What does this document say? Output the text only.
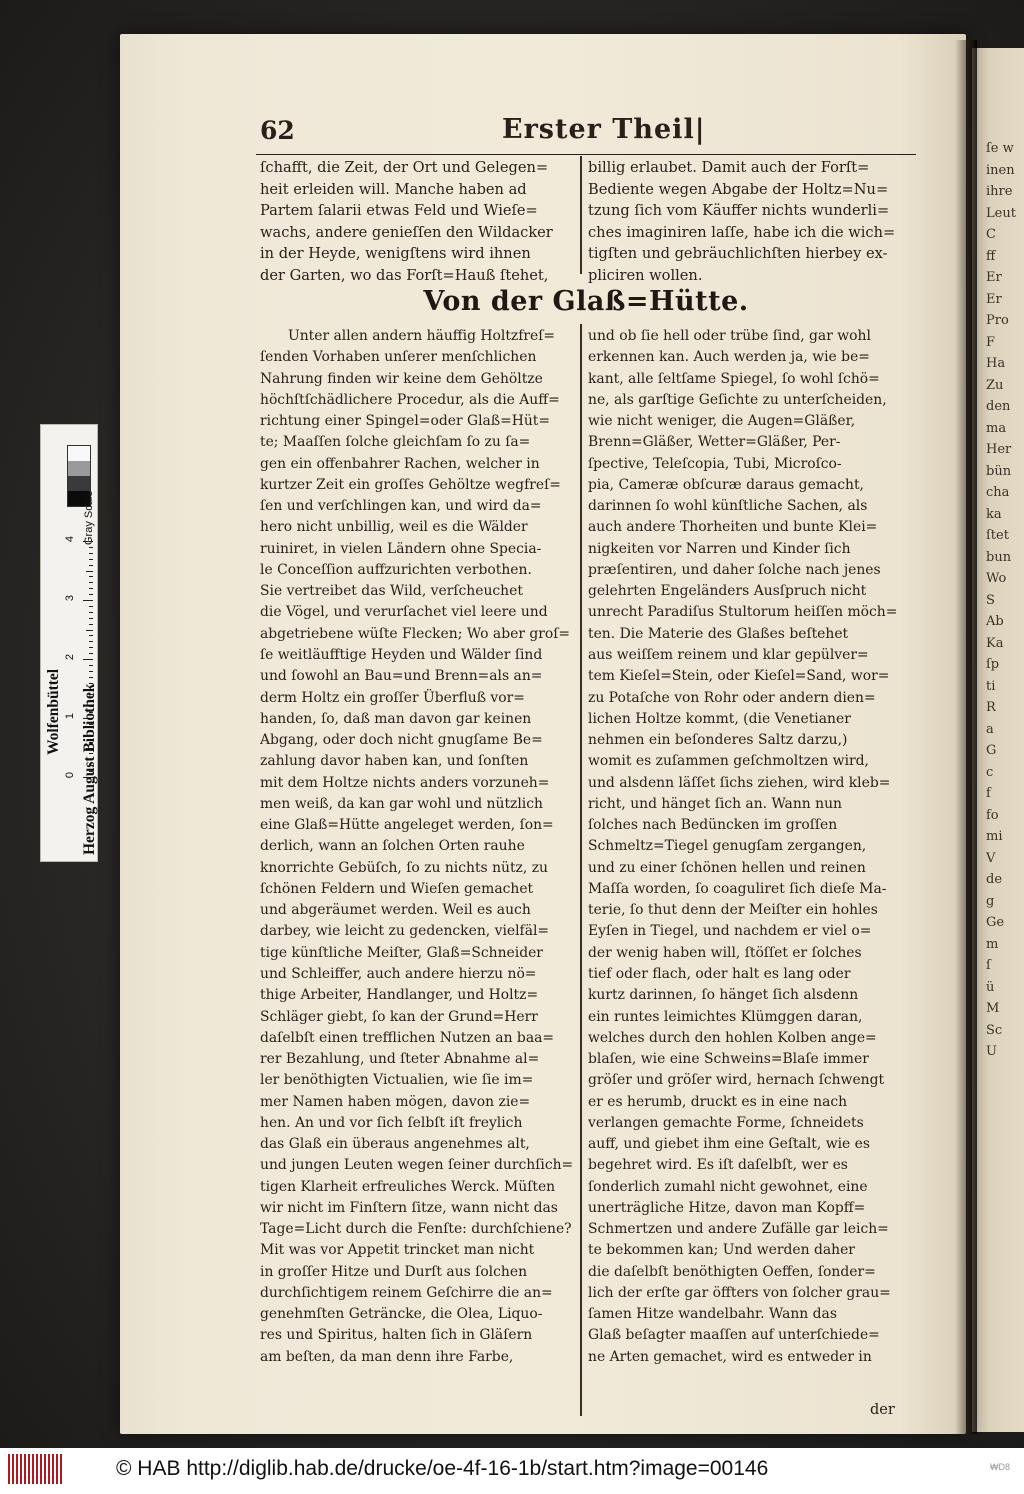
ſe w
inen
ihre
Leut
C
ff
Er
Er
Pro
F
Ha
Zu
den
ma
Her
bün
cha
ka
ſtet
bun
Wo
S
Ab
Ka
ſp
ti
R
a
G
c
f
fo
mi
V
de
g
Ge
m
ſ
ü
M
Sc
U
62	Erster Theil|
ſchafft, die Zeit, der Ort und Gelegen=
heit erleiden will. Manche haben ad
Partem ſalarii etwas Feld und Wieſe=
wachs, andere genieſſen den Wildacker
in der Heyde, wenigſtens wird ihnen
der Garten, wo das Forſt=Hauß ſtehet,
billig erlaubet. Damit auch der Forſt=
Bediente wegen Abgabe der Holtz=Nu=
tzung ſich vom Käuffer nichts wunderli=
ches imaginiren laſſe, habe ich die wich=
tigſten und gebräuchlichſten hierbey ex-
pliciren wollen.
Von der Glaß=Hütte.
Unter allen andern häuffig Holtzfreſ=
ſenden Vorhaben unſerer menſchlichen
Nahrung finden wir keine dem Gehöltze
höchſtſchädlichere Procedur, als die Auff=
richtung einer Spingel=oder Glaß=Hüt=
te; Maaſſen ſolche gleichſam ſo zu ſa=
gen ein offenbahrer Rachen, welcher in
kurtzer Zeit ein groſſes Gehöltze wegfreſ=
ſen und verſchlingen kan, und wird da=
hero nicht unbillig, weil es die Wälder
ruiniret, in vielen Ländern ohne Specia-
le Conceſſion auffzurichten verbothen.
Sie vertreibet das Wild, verſcheuchet
die Vögel, und verurſachet viel leere und
abgetriebene wüſte Flecken; Wo aber groſ=
ſe weitläufftige Heyden und Wälder ſind
und ſowohl an Bau=und Brenn=als an=
derm Holtz ein groſſer Überfluß vor=
handen, ſo, daß man davon gar keinen
Abgang, oder doch nicht gnugſame Be=
zahlung davor haben kan, und ſonſten
mit dem Holtze nichts anders vorzuneh=
men weiß, da kan gar wohl und nützlich
eine Glaß=Hütte angeleget werden, ſon=
derlich, wann an ſolchen Orten rauhe
knorrichte Gebüſch, ſo zu nichts nütz, zu
ſchönen Feldern und Wieſen gemachet
und abgeräumet werden. Weil es auch
darbey, wie leicht zu gedencken, vielfäl=
tige künſtliche Meiſter, Glaß=Schneider
und Schleiffer, auch andere hierzu nö=
thige Arbeiter, Handlanger, und Holtz=
Schläger giebt, ſo kan der Grund=Herr
daſelbſt einen trefflichen Nutzen an baa=
rer Bezahlung, und ſteter Abnahme al=
ler benöthigten Victualien, wie ſie im=
mer Namen haben mögen, davon zie=
hen. An und vor ſich ſelbſt iſt freylich
das Glaß ein überaus angenehmes alt,
und jungen Leuten wegen ſeiner durchſich=
tigen Klarheit erfreuliches Werck. Müſten
wir nicht im Finſtern ſitze, wann nicht das
Tage=Licht durch die Fenſte: durchſchiene?
Mit was vor Appetit trincket man nicht
in groſſer Hitze und Durſt aus ſolchen
durchſichtigem reinem Geſchirre die an=
genehmſten Geträncke, die Olea, Liquo-
res und Spiritus, halten ſich in Gläſern
am beſten, da man denn ihre Farbe,
und ob ſie hell oder trübe ſind, gar wohl
erkennen kan. Auch werden ja, wie be=
kant, alle ſeltſame Spiegel, ſo wohl ſchö=
ne, als garſtige Geſichte zu unterſcheiden,
wie nicht weniger, die Augen=Gläßer,
Brenn=Gläßer, Wetter=Gläßer, Per-
ſpective, Teleſcopia, Tubi, Microſco-
pia, Cameræ obſcuræ daraus gemacht,
darinnen ſo wohl künſtliche Sachen, als
auch andere Thorheiten und bunte Klei=
nigkeiten vor Narren und Kinder ſich
præſentiren, und daher ſolche nach jenes
gelehrten Engeländers Ausſpruch nicht
unrecht Paradiſus Stultorum heiſſen möch=
ten. Die Materie des Glaßes beſtehet
aus weiſſem reinem und klar gepülver=
tem Kieſel=Stein, oder Kieſel=Sand, wor=
zu Potaſche von Rohr oder andern dien=
lichen Holtze kommt, (die Venetianer
nehmen ein beſonderes Saltz darzu,)
womit es zuſammen geſchmoltzen wird,
und alsdenn läſſet ſichs ziehen, wird kleb=
richt, und hänget ſich an. Wann nun
ſolches nach Bedüncken im groſſen
Schmeltz=Tiegel genugſam zergangen,
und zu einer ſchönen hellen und reinen
Maſſa worden, ſo coaguliret ſich dieſe Ma-
terie, ſo thut denn der Meiſter ein hohles
Eyſen in Tiegel, und nachdem er viel o=
der wenig haben will, ſtöſſet er ſolches
tief oder flach, oder halt es lang oder
kurtz darinnen, ſo hänget ſich alsdenn
ein runtes leimichtes Klümggen daran,
welches durch den hohlen Kolben ange=
blaſen, wie eine Schweins=Blaſe immer
gröſer und gröſer wird, hernach ſchwengt
er es herumb, druckt es in eine nach
verlangen gemachte Forme, ſchneidets
auff, und giebet ihm eine Geſtalt, wie es
begehret wird. Es iſt daſelbſt, wer es
ſonderlich zumahl nicht gewohnet, eine
unerträgliche Hitze, davon man Kopff=
Schmertzen und andere Zufälle gar leich=
te bekommen kan; Und werden daher
die daſelbſt benöthigten Oeffen, ſonder=
lich der erſte gar öffters von ſolcher grau=
ſamen Hitze wandelbahr. Wann das
Glaß beſagter maaſſen auf unterſchiede=
ne Arten gemachet, wird es entweder in
der
0
1
2
3
4 Gray Scale
Herzog August Bibliothek
Wolfenbüttel
© HAB http://diglib.hab.de/drucke/oe-4f-16-1b/start.htm?image=00146	₩D8
